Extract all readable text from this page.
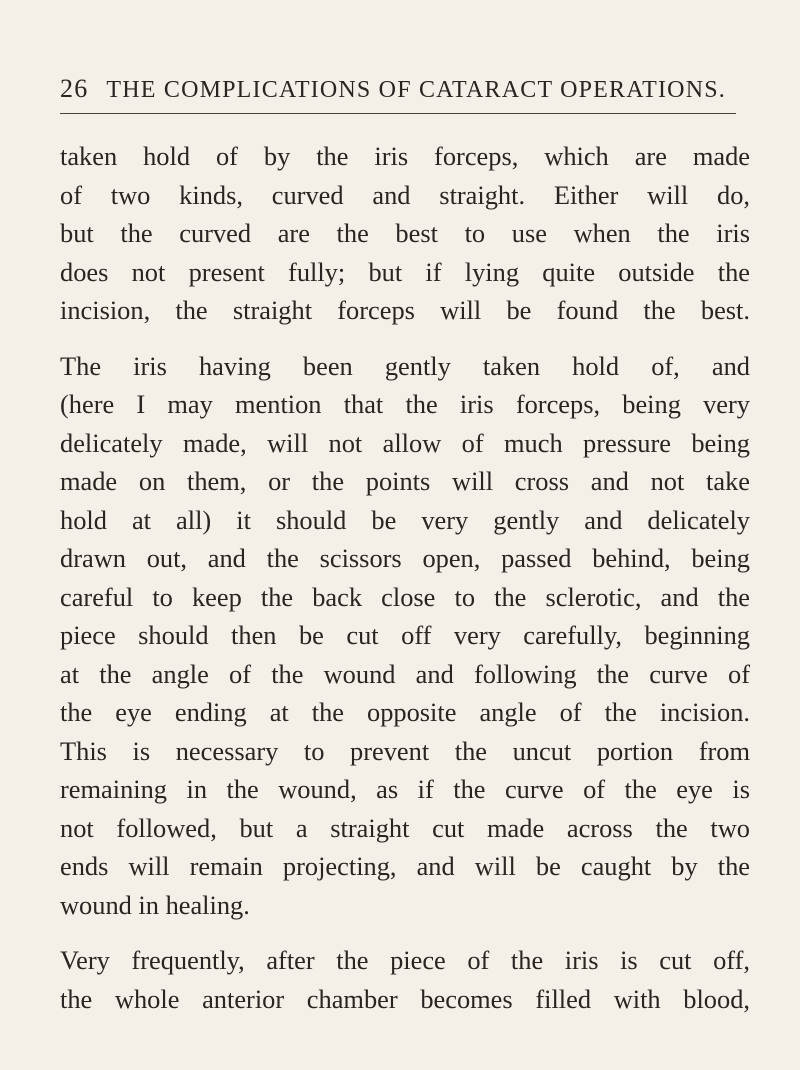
26 THE COMPLICATIONS OF CATARACT OPERATIONS.

taken hold of by the iris forceps, which are made
of two kinds, curved and straight. Either will do,
but the curved are the best to use when the iris
does not present fully; but if lying quite outside the
incision, the straight forceps will be found the best.

The iris having been gently taken hold of, and
(here I may mention that the iris forceps, being very
delicately made, will not allow of much pressure being
made on them, or the points will cross and not take
hold at all) it should be very gently and delicately
drawn out, and the scissors open, passed behind, being
careful to keep the back close to the sclerotic, and the
piece should then be cut off very carefully, beginning
at the angle of the wound and following the curve of
the eye ending at the opposite angle of the incision.
This is necessary to prevent the uncut portion from
remaining in the wound, as if the curve of the eye is
not followed, but a straight cut made across the two
ends will remain projecting, and will be caught by the
wound in healing.

Very frequently, after the piece of the iris is cut off,
the whole anterior chamber becomes filled with blood,
